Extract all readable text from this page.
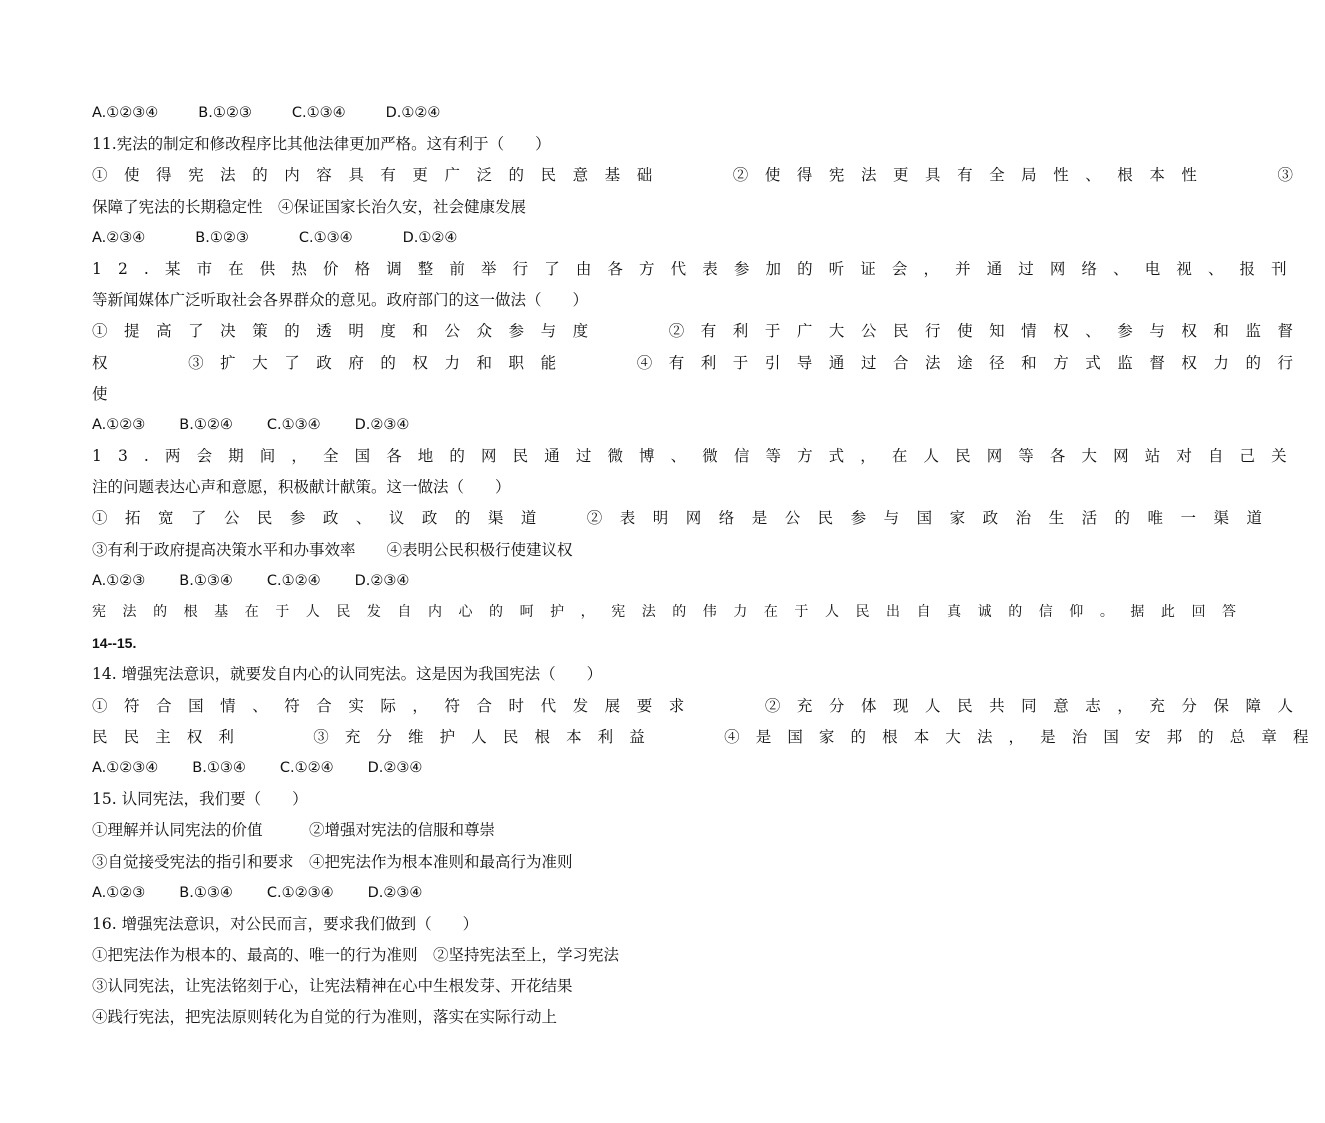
A.①②③④	B.①②③	C.①③④	D.①②④
11.宪法的制定和修改程序比其他法律更加严格。这有利于（　　）
①使得宪法的内容具有更广泛的民意基础　　②使得宪法更具有全局性、根本性　　③
保障了宪法的长期稳定性　④保证国家长治久安，社会健康发展
A.②③④	B.①②③	C.①③④	D.①②④
12.某市在供热价格调整前举行了由各方代表参加的听证会，并通过网络、电视、报刊
等新闻媒体广泛听取社会各界群众的意见。政府部门的这一做法（　　）
①提高了决策的透明度和公众参与度　　②有利于广大公民行使知情权、参与权和监督
权　　③扩大了政府的权力和职能　　④有利于引导通过合法途径和方式监督权力的行
使
A.①②③ B.①②④ C.①③④ D.②③④
13.两会期间，全国各地的网民通过微博、微信等方式，在人民网等各大网站对自己关
注的问题表达心声和意愿，积极献计献策。这一做法（　　）
①拓宽了公民参政、议政的渠道　②表明网络是公民参与国家政治生活的唯一渠道
③有利于政府提高决策水平和办事效率　　④表明公民积极行使建议权
A.①②③ B.①③④ C.①②④ D.②③④
宪法的根基在于人民发自内心的呵护，宪法的伟力在于人民出自真诚的信仰。据此回答
14--15.
14. 增强宪法意识，就要发自内心的认同宪法。这是因为我国宪法（　　）
①符合国情、符合实际，符合时代发展要求　　②充分体现人民共同意志，充分保障人
民民主权利　　③充分维护人民根本利益　　④是国家的根本大法，是治国安邦的总章程
A.①②③④ B.①③④ C.①②④ D.②③④
15. 认同宪法，我们要（　　）
①理解并认同宪法的价值　　　②增强对宪法的信服和尊崇
③自觉接受宪法的指引和要求　④把宪法作为根本准则和最高行为准则
A.①②③ B.①③④ C.①②③④ D.②③④
16. 增强宪法意识，对公民而言，要求我们做到（　　）
①把宪法作为根本的、最高的、唯一的行为准则　②坚持宪法至上，学习宪法
③认同宪法，让宪法铭刻于心，让宪法精神在心中生根发芽、开花结果
④践行宪法，把宪法原则转化为自觉的行为准则，落实在实际行动上
